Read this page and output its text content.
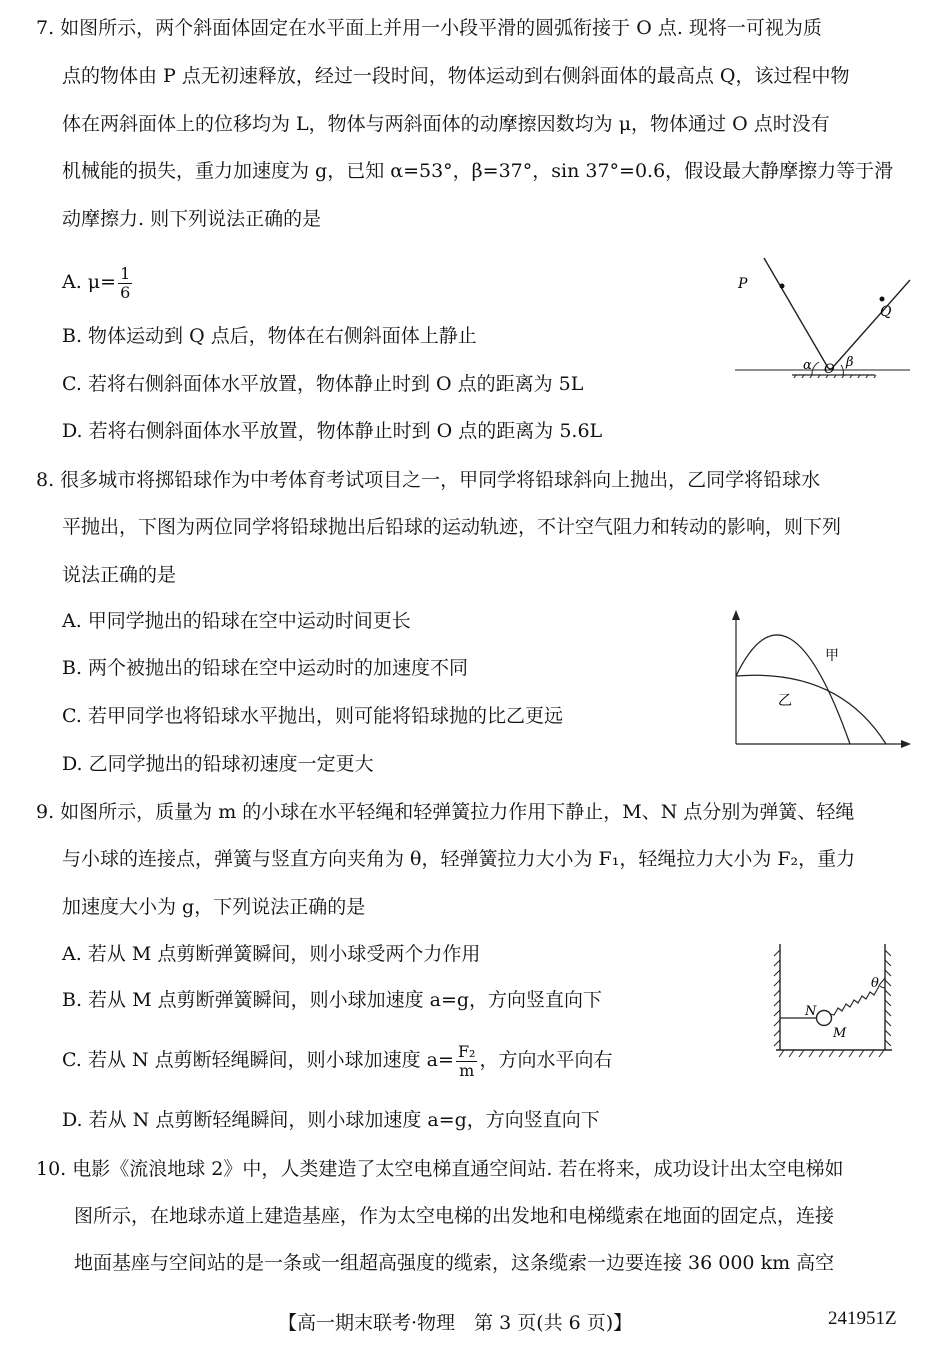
7. 如图所示，两个斜面体固定在水平面上并用一小段平滑的圆弧衔接于 O 点. 现将一可视为质
点的物体由 P 点无初速释放，经过一段时间，物体运动到右侧斜面体的最高点 Q，该过程中物
体在两斜面体上的位移均为 L，物体与两斜面体的动摩擦因数均为 μ，物体通过 O 点时没有
机械能的损失，重力加速度为 g，已知 α=53°，β=37°，sin 37°=0.6，假设最大静摩擦力等于滑
动摩擦力. 则下列说法正确的是
A. $\mu= \frac{1}{6}$
B. 物体运动到 Q 点后，物体在右侧斜面体上静止
C. 若将右侧斜面体水平放置，物体静止时到 O 点的距离为 5L
D. 若将右侧斜面体水平放置，物体静止时到 O 点的距离为 5.6L
P
Q
O
α	β
8. 很多城市将掷铅球作为中考体育考试项目之一，甲同学将铅球斜向上抛出，乙同学将铅球水
平抛出，下图为两位同学将铅球抛出后铅球的运动轨迹，不计空气阻力和转动的影响，则下列
说法正确的是
A. 甲同学抛出的铅球在空中运动时间更长
B. 两个被抛出的铅球在空中运动时的加速度不同
C. 若甲同学也将铅球水平抛出，则可能将铅球抛的比乙更远
D. 乙同学抛出的铅球初速度一定更大
甲
乙
9. 如图所示，质量为 m 的小球在水平轻绳和轻弹簧拉力作用下静止，M、N 点分别为弹簧、轻绳
与小球的连接点，弹簧与竖直方向夹角为 θ，轻弹簧拉力大小为 F₁，轻绳拉力大小为 F₂，重力
加速度大小为 g，下列说法正确的是
A. 若从 M 点剪断弹簧瞬间，则小球受两个力作用
B. 若从 M 点剪断弹簧瞬间，则小球加速度 a=g，方向竖直向下
C. 若从 N 点剪断轻绳瞬间，则小球加速度 $a= \frac{\text{F₂}}{m}$ ，方向水平向右
D. 若从 N 点剪断轻绳瞬间，则小球加速度 a=g，方向竖直向下
N
M
θ
10. 电影《流浪地球 2》中，人类建造了太空电梯直通空间站. 若在将来，成功设计出太空电梯如
图所示，在地球赤道上建造基座，作为太空电梯的出发地和电梯缆索在地面的固定点，连接
地面基座与空间站的是一条或一组超高强度的缆索，这条缆索一边要连接 36 000 km 高空
【高一期末联考·物理　第 3 页(共 6 页)】	241951Z
